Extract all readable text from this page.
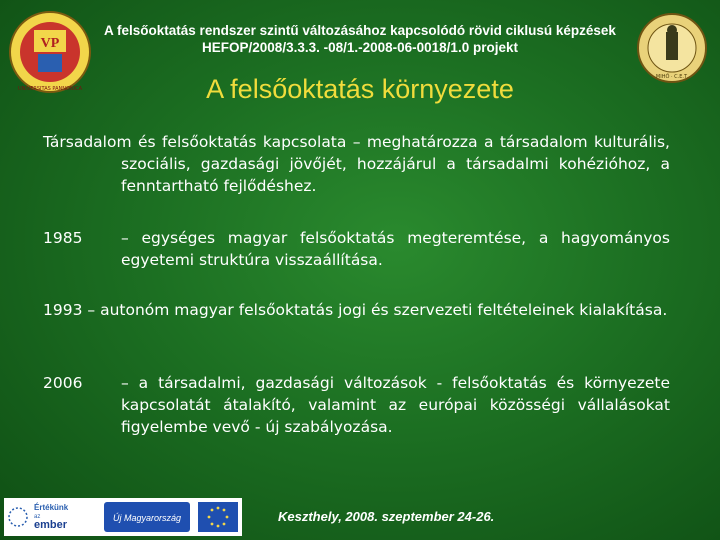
VP
UNIVERSITAS PANNONICA
A felsőoktatás rendszer szintű változásához kapcsolódó rövid ciklusú képzések
HEFOP/2008/3.3.3. -08/1.-2008-06-0018/1.0 projekt
MIHŐ · C.E.T.
A felsőoktatás környezete
Társadalom és felsőoktatás kapcsolata – meghatározza a társadalom kulturális, szociális, gazdasági jövőjét, hozzájárul a társadalmi kohézióhoz, a fenntartható fejlődéshez.
1985 – egységes magyar felsőoktatás megteremtése, a hagyományos egyetemi struktúra visszaállítása.
1993 – autonóm magyar felsőoktatás jogi és szervezeti feltételeinek kialakítása.
2006 – a társadalmi, gazdasági változások - felsőoktatás és környezete kapcsolatát átalakító, valamint az európai közösségi vállalásokat figyelembe vevő - új szabályozása.
Értékünk
az
ember
Új Magyarország	Keszthely, 2008. szeptember 24-26.
